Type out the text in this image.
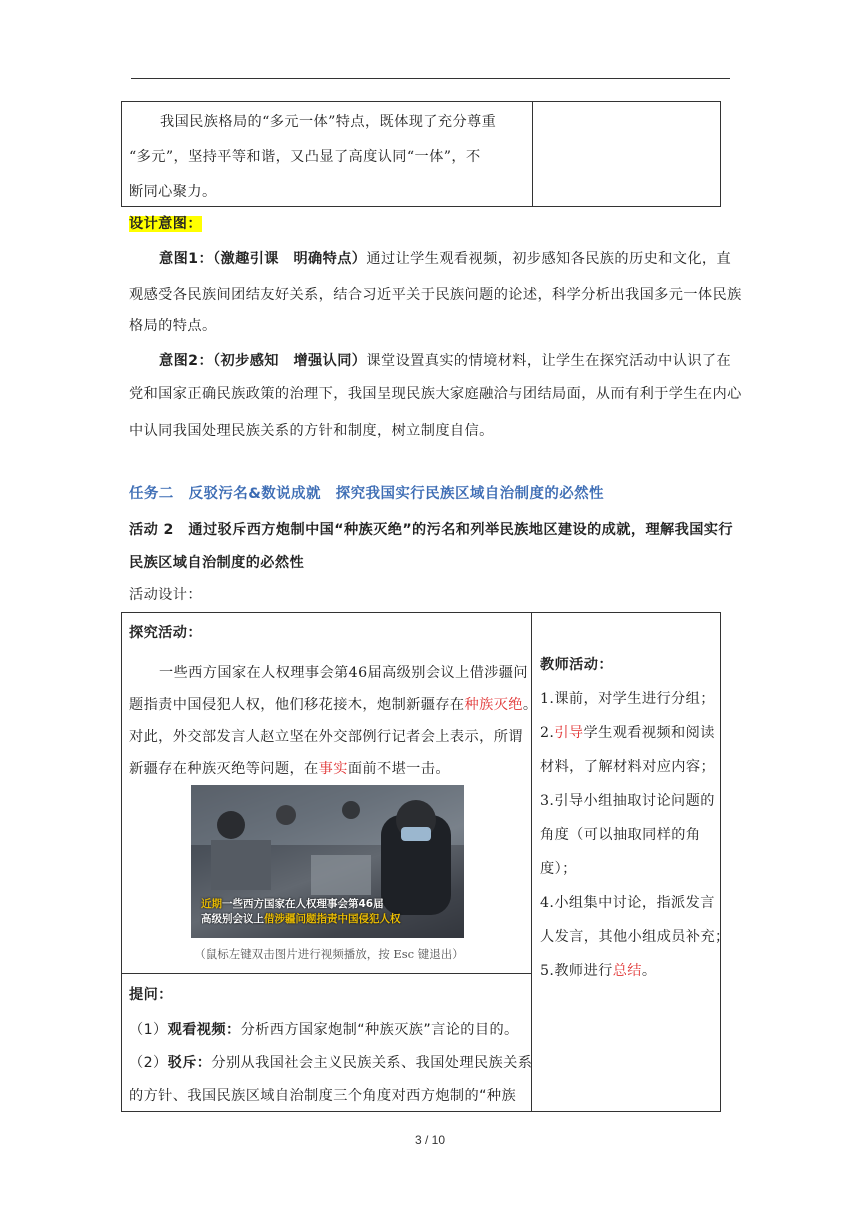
我国民族格局的“多元一体”特点，既体现了充分尊重
“多元”，坚持平等和谐，又凸显了高度认同“一体”，不
断同心聚力。
设计意图：
意图1：（激趣引课　明确特点）通过让学生观看视频，初步感知各民族的历史和文化，直
观感受各民族间团结友好关系，结合习近平关于民族问题的论述，科学分析出我国多元一体民族
格局的特点。
意图2：（初步感知　增强认同）课堂设置真实的情境材料，让学生在探究活动中认识了在
党和国家正确民族政策的治理下，我国呈现民族大家庭融洽与团结局面，从而有利于学生在内心
中认同我国处理民族关系的方针和制度，树立制度自信。
任务二　反驳污名&数说成就　探究我国实行民族区域自治制度的必然性
活动 2　通过驳斥西方炮制中国“种族灭绝”的污名和列举民族地区建设的成就，理解我国实行
民族区域自治制度的必然性
活动设计：
探究活动：
一些西方国家在人权理事会第46届高级别会议上借涉疆问
题指责中国侵犯人权，他们移花接木，炮制新疆存在种族灭绝。
对此，外交部发言人赵立坚在外交部例行记者会上表示，所谓
新疆存在种族灭绝等问题，在事实面前不堪一击。
近期一些西方国家在人权理事会第46届
高级别会议上借涉疆问题指责中国侵犯人权
（鼠标左键双击图片进行视频播放，按 Esc 键退出）
教师活动：
1.课前，对学生进行分组；
2.引导学生观看视频和阅读
材料，了解材料对应内容；
3.引导小组抽取讨论问题的
角度（可以抽取同样的角
度）；
4.小组集中讨论，指派发言
人发言，其他小组成员补充；
5.教师进行总结。
提问：
（1）观看视频：分析西方国家炮制“种族灭族”言论的目的。
（2）驳斥：分别从我国社会主义民族关系、我国处理民族关系
的方针、我国民族区域自治制度三个角度对西方炮制的“种族
3 / 10
